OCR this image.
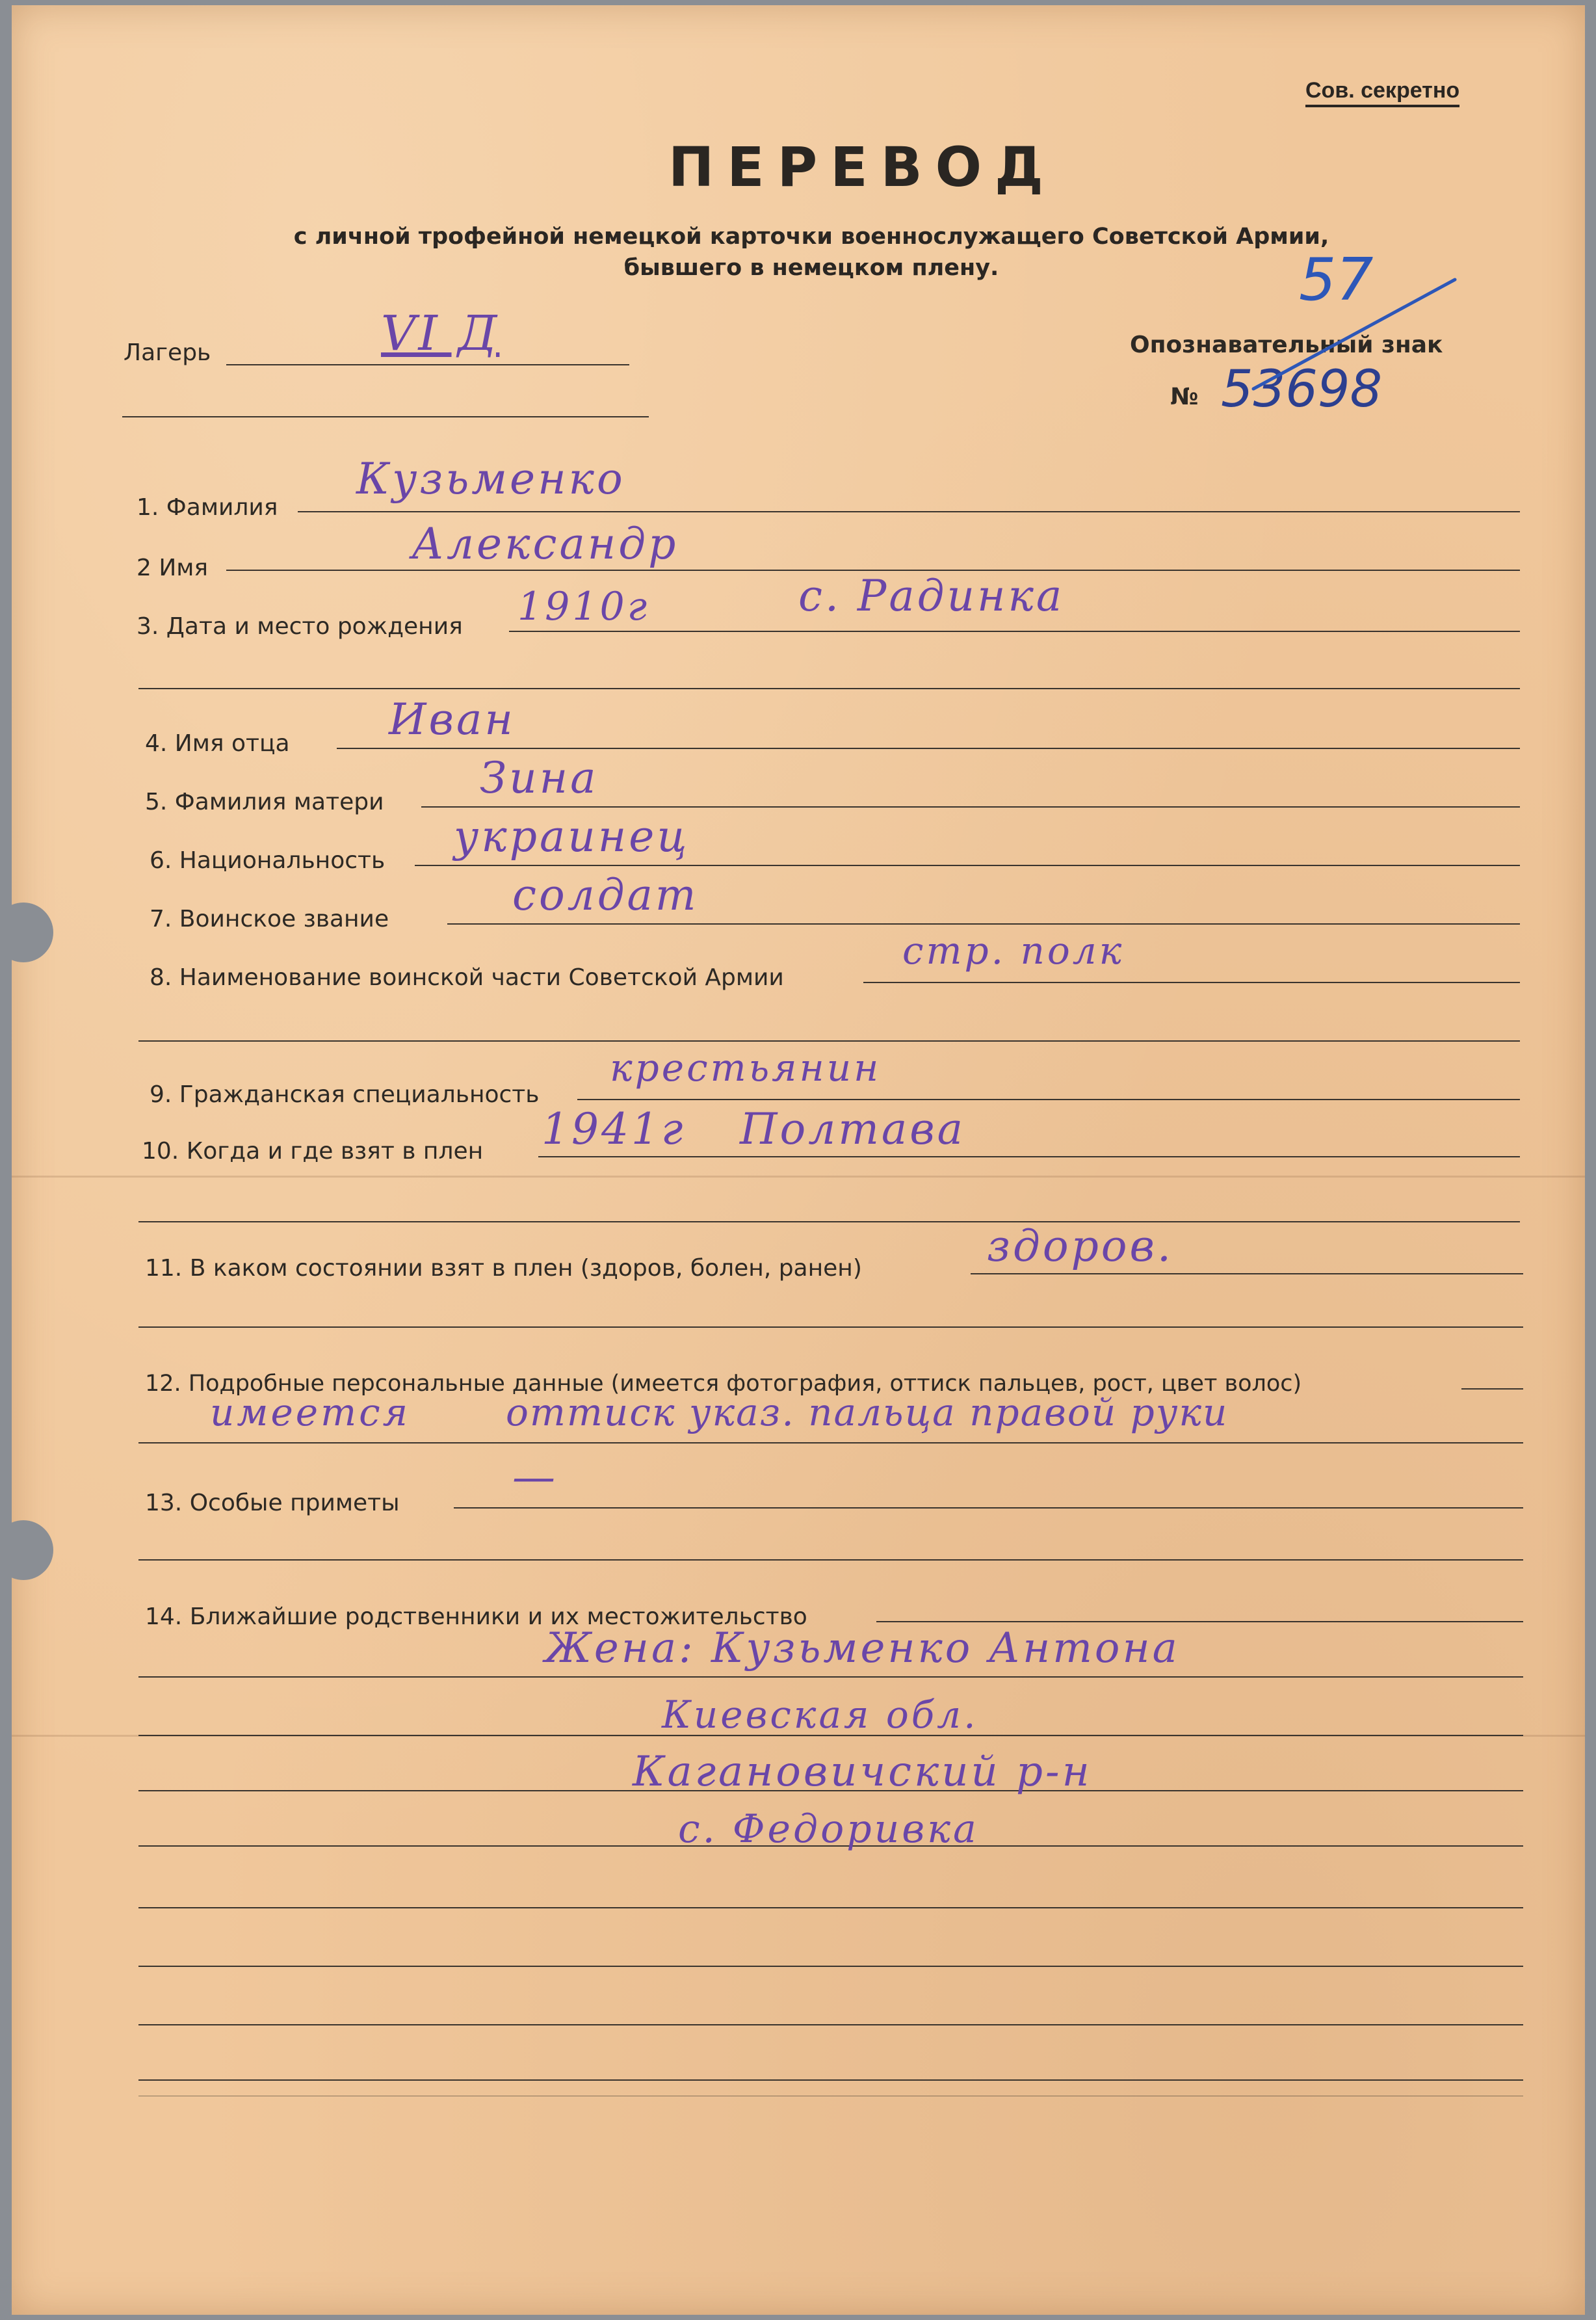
Сов. секретно
ПЕРЕВОД
с личной трофейной немецкой карточки военнослужащего Советской Армии,
бывшего в немецком плену.
Лагерь	VI Д	Опознавательный знак
№ 53698
57
1. Фамилия
Кузьменко
2 Имя	Александр
3. Дата и место рождения 1910г	с. Радинка
4. Имя отца Иван
5. Фамилия матери Зина
6. Национальность украинец
7. Воинское звание	солдат
8. Наименование воинской части Советской Армии
стр. полк
9. Гражданская специальность
крестьянин
10. Когда и где взят в плен 1941г Полтава
11. В каком состоянии взят в плен (здоров, болен, ранен)	здоров.
12. Подробные персональные данные (имеется фотография, оттиск пальцев, рост, цвет волос)
имеется	оттиск указ. пальца правой руки
13. Особые приметы
—
14. Ближайшие родственники и их местожительство
Жена: Кузьменко Антона
Киевская обл.
Кагановичский р-н
с. Федоривка
